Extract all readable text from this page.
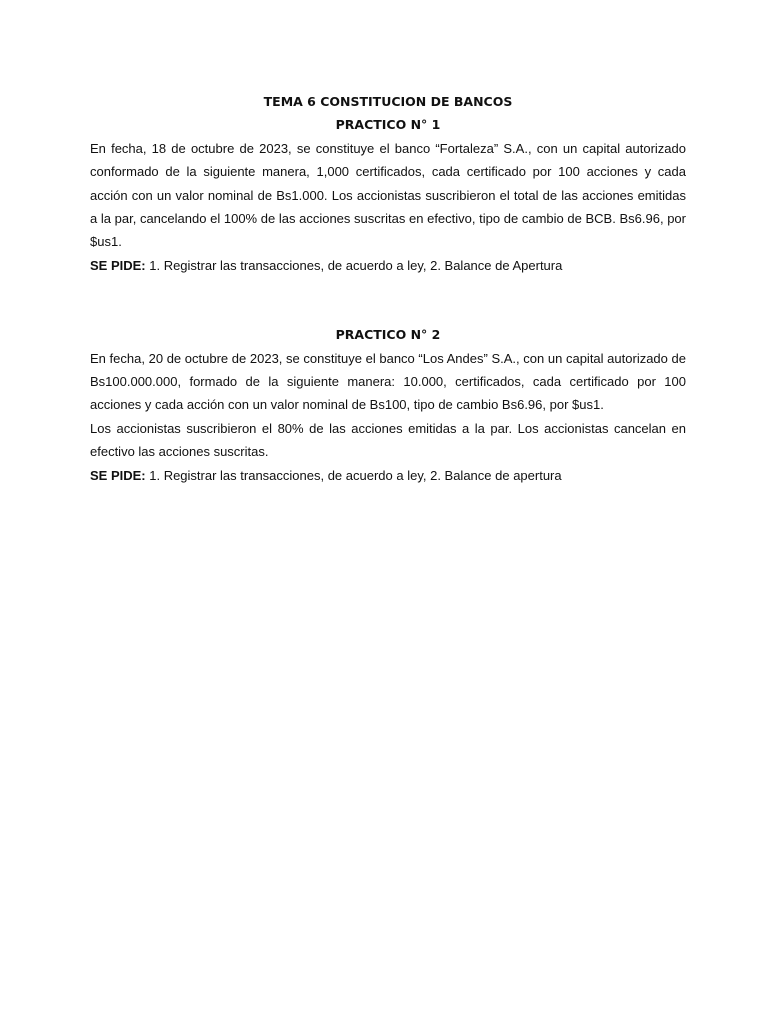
TEMA 6 CONSTITUCION DE BANCOS
PRACTICO N° 1

En fecha, 18 de octubre de 2023, se constituye el banco “Fortaleza” S.A., con un capital autorizado conformado de la siguiente manera, 1,000 certificados, cada certificado por 100 acciones y cada acción con un valor nominal de Bs1.000. Los accionistas suscribieron el total de las acciones emitidas a la par, cancelando el 100% de las acciones suscritas en efectivo, tipo de cambio de BCB. Bs6.96, por $us1.

SE PIDE: 1. Registrar las transacciones, de acuerdo a ley, 2. Balance de Apertura

PRACTICO N° 2

En fecha, 20 de octubre de 2023, se constituye el banco “Los Andes” S.A., con un capital autorizado de Bs100.000.000, formado de la siguiente manera: 10.000, certificados, cada certificado por 100 acciones y cada acción con un valor nominal de Bs100, tipo de cambio Bs6.96, por $us1.

Los accionistas suscribieron el 80% de las acciones emitidas a la par. Los accionistas cancelan en efectivo las acciones suscritas.

SE PIDE: 1. Registrar las transacciones, de acuerdo a ley, 2. Balance de apertura
